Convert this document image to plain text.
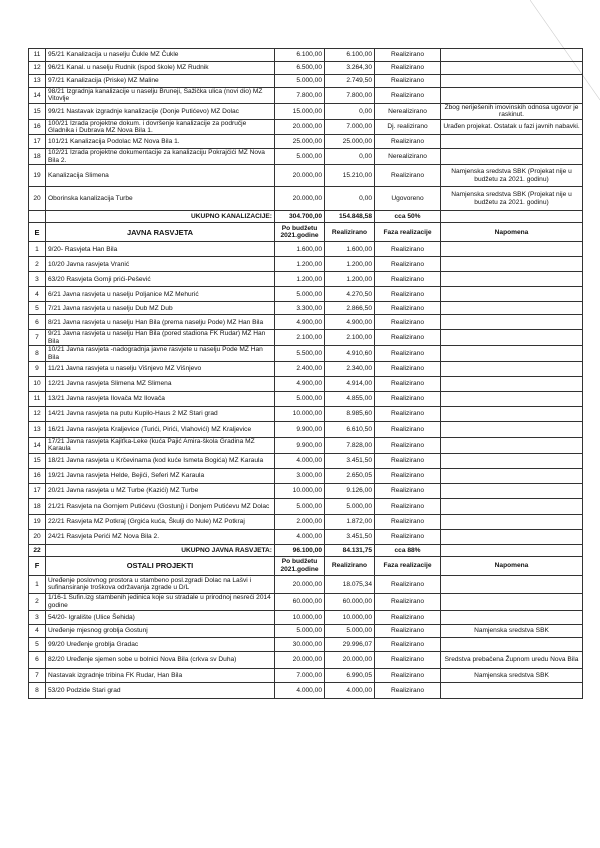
11	95/21 Kanalizacija u naselju Čukle MZ Čukle	6.100,00	6.100,00	Realizirano	
12	96/21 Kanal. u naselju Rudnik (ispod škole) MZ Rudnik	6.500,00	3.264,30	Realizirano	
13	97/21 Kanalizacija (Priske) MZ Maline	5.000,00	2.749,50	Realizirano	
14	98/21 Izgradnja kanalizacije u naselju Bruneji, Sažička ulica (novi dio) MZ Vitovlje	7.800,00	7.800,00	Realizirano	
15	99/21 Nastavak izgradnje kanalizacije (Donje Putićevo) MZ Dolac	15.000,00	0,00	Nerealizirano	Zbog neriješenih imovinskih odnosa ugovor je raskinut.
16	100/21 Izrada projektne dokum. i dovršenje kanalizacije za područje Gladnika i Dubrava MZ Nova Bila 1.	20.000,00	7.000,00	Dj. realizirano	Urađen projekat. Ostatak u fazi javnih nabavki.
17	101/21 Kanalizacija Podolac MZ Nova Bila 1.	25.000,00	25.000,00	Realizirano	
18	102/21 Izrada projektne dokumentacije za kanalizaciju Pokrajčići MZ Nova Bila 2.	5.000,00	0,00	Nerealizirano	
19	Kanalizacija Slimena	20.000,00	15.210,00	Realizirano	Namjenska sredstva SBK (Projekat nije u budžetu za 2021. godinu)
20	Oborinska kanalizacija Turbe	20.000,00	0,00	Ugovoreno	Namjenska sredstva SBK (Projekat nije u budžetu za 2021. godinu)
	UKUPNO KANALIZACIJE:	304.700,00	154.848,58	cca 50%	
E	JAVNA RASVJETA	Po budžetu 2021.godine	Realizirano	Faza realizacije	Napomena
1	9/20- Rasvjeta Han Bila	1.600,00	1.600,00	Realizirano	
2	10/20 Javna rasvjeta Vranić	1.200,00	1.200,00	Realizirano	
3	63/20 Rasvjeta Gornji prići-Pešević	1.200,00	1.200,00	Realizirano	
4	6/21 Javna rasvjeta u naselju Poljanice MZ Mehurić	5.000,00	4.270,50	Realizirano	
5	7/21 Javna rasvjeta u naselju Dub MZ Dub	3.300,00	2.866,50	Realizirano	
6	8/21 Javna rasvjeta u naselju Han Bila (prema naselju Pode) MZ Han Bila	4.900,00	4.900,00	Realizirano	
7	9/21 Javna rasvjeta u naselju Han Bila (pored stadiona FK Rudar) MZ Han Bila	2.100,00	2.100,00	Realizirano	
8	10/21 Javna rasvjeta -nadogradnja javne rasvjete u naselju Pode MZ Han Bila	5.500,00	4.910,60	Realizirano	
9	11/21 Javna rasvjeta u naselju Višnjevo MZ Višnjevo	2.400,00	2.340,00	Realizirano	
10	12/21 Javna rasvjeta Slimena MZ Slimena	4.900,00	4.914,00	Realizirano	
11	13/21 Javna rasvjeta Ilovača Mz Ilovača	5.000,00	4.855,00	Realizirano	
12	14/21 Javna rasvjeta na putu Kupilo-Haus 2 MZ Stari grad	10.000,00	8.985,60	Realizirano	
13	16/21 Javna rasvjeta Kraljevice (Turići, Pirići, Vlahovići) MZ Kraljevice	9.900,00	6.610,50	Realizirano	
14	17/21 Javna rasvjeta Kajiťka-Leke (kuća Pajić Amira-škola Gradina MZ Karaula	9.900,00	7.828,00	Realizirano	
15	18/21 Javna rasvjeta u Krčevinama (kod kuće Ismeta Bogića) MZ Karaula	4.000,00	3.451,50	Realizirano	
16	19/21 Javna rasvjeta Helde, Bejići, Seferi MZ Karaula	3.000,00	2.650,05	Realizirano	
17	20/21 Javna rasvjeta u MZ Turbe (Kazići) MZ Turbe	10.000,00	9.126,00	Realizirano	
18	21/21 Rasvjeta na Gornjem Putićevu (Gostunj) i Donjem Putićevu MZ Dolac	5.000,00	5.000,00	Realizirano	
19	22/21 Rasvjeta MZ Potkraj (Grgića kuća, Škulji do Nule) MZ Potkraj	2.000,00	1.872,00	Realizirano	
20	24/21 Rasvjeta Perići MZ Nova Bila 2.	4.000,00	3.451,50	Realizirano	
22	UKUPNO JAVNA RASVJETA:	96.100,00	84.131,75	cca 88%	
F	OSTALI PROJEKTI	Po budžetu 2021.godine	Realizirano	Faza realizacije	Napomena
1	Uređenje poslovnog prostora u stambeno posl.zgradi Dolac na Lašvi i sufinansiranje troškova održavanja zgrade u D/L	20.000,00	18.075,34	Realizirano	
2	1/16-1 Sufin.izg stambenih jedinica koje su stradale u prirodnoj nesreći 2014 godine	60.000,00	60.000,00	Realizirano	
3	54/20- Igralište (Ulice Šehida)	10.000,00	10.000,00	Realizirano	
4	Uređenje mjesnog groblja Gostunj	5.000,00	5.000,00	Realizirano	Namjenska sredstva SBK
5	99/20 Uređenje groblja Gradac	30.000,00	29.996,07	Realizirano	
6	82/20 Uređenje sjemen sobe u bolnici Nova Bila (crkva sv Duha)	20.000,00	20.000,00	Realizirano	Sredstva prebačena Župnom uredu Nova Bila
7	Nastavak izgradnje tribina FK Rudar, Han Bila	7.000,00	6.990,05	Realizirano	Namjenska sredstva SBK
8	53/20 Podzide Stari grad	4.000,00	4.000,00	Realizirano	
